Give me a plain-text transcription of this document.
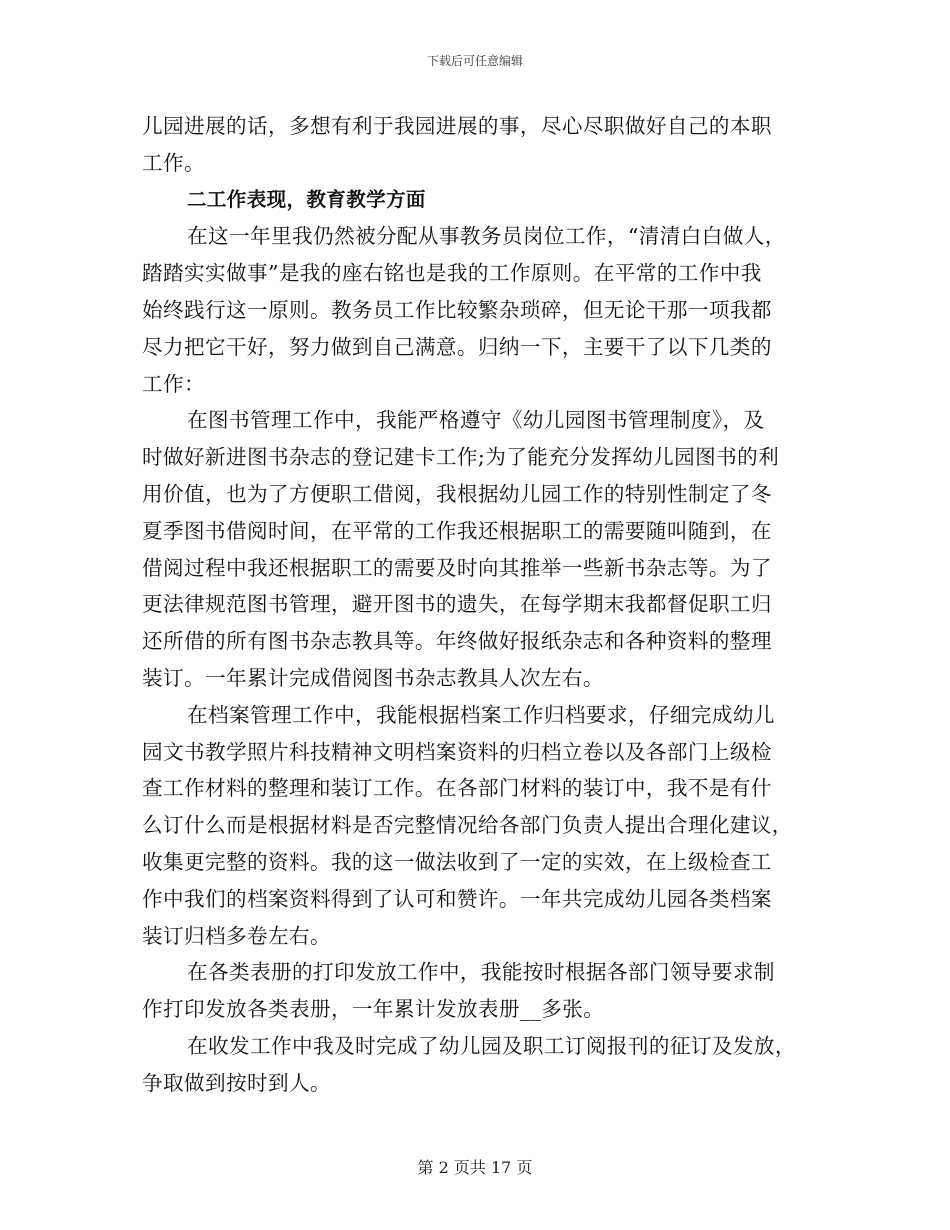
下载后可任意编辑
儿园进展的话，多想有利于我园进展的事，尽心尽职做好自己的本职
工作。
二工作表现，教育教学方面
在这一年里我仍然被分配从事教务员岗位工作，“清清白白做人，
踏踏实实做事”是我的座右铭也是我的工作原则。在平常的工作中我
始终践行这一原则。教务员工作比较繁杂琐碎，但无论干那一项我都
尽力把它干好，努力做到自己满意。归纳一下，主要干了以下几类的
工作：
在图书管理工作中，我能严格遵守《幼儿园图书管理制度》，及
时做好新进图书杂志的登记建卡工作;为了能充分发挥幼儿园图书的利
用价值，也为了方便职工借阅，我根据幼儿园工作的特别性制定了冬
夏季图书借阅时间，在平常的工作我还根据职工的需要随叫随到，在
借阅过程中我还根据职工的需要及时向其推举一些新书杂志等。为了
更法律规范图书管理，避开图书的遗失，在每学期末我都督促职工归
还所借的所有图书杂志教具等。年终做好报纸杂志和各种资料的整理
装订。一年累计完成借阅图书杂志教具人次左右。
在档案管理工作中，我能根据档案工作归档要求，仔细完成幼儿
园文书教学照片科技精神文明档案资料的归档立卷以及各部门上级检
查工作材料的整理和装订工作。在各部门材料的装订中，我不是有什
么订什么而是根据材料是否完整情况给各部门负责人提出合理化建议，
收集更完整的资料。我的这一做法收到了一定的实效，在上级检查工
作中我们的档案资料得到了认可和赞许。一年共完成幼儿园各类档案
装订归档多卷左右。
在各类表册的打印发放工作中，我能按时根据各部门领导要求制
作打印发放各类表册，一年累计发放表册__多张。
在收发工作中我及时完成了幼儿园及职工订阅报刊的征订及发放，
争取做到按时到人。
第 2 页共 17 页
